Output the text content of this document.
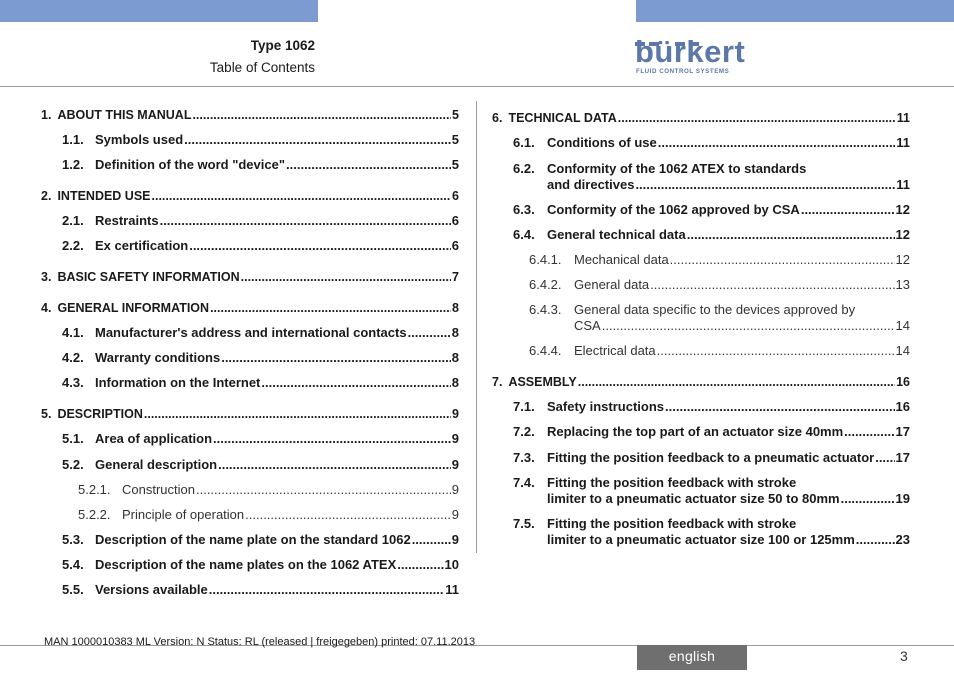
Type 1062
Table of Contents	bürkert
FLUID CONTROL SYSTEMS
1. ABOUT THIS MANUAL .....	5
1.1. Symbols used .....	5
1.2. Definition of the word "device" .....	5
2. INTENDED USE .....	6
2.1. Restraints .....	6
2.2. Ex certification .....	6
3. BASIC SAFETY INFORMATION .....	7
4. GENERAL INFORMATION .....	8
4.1. Manufacturer's address and international contacts .....	8
4.2. Warranty conditions .....	8
4.3. Information on the Internet .....	8
5. DESCRIPTION .....	9
5.1. Area of application .....	9
5.2. General description .....	9
5.2.1. Construction .....	9
5.2.2. Principle of operation .....	9
5.3. Description of the name plate on the standard 1062 .....	9
5.4. Description of the name plates on the 1062 ATEX .....	10
5.5. Versions available .....	11
6. TECHNICAL DATA .....	11
6.1. Conditions of use .....	11
6.2. Conformity of the 1062 ATEX to standards
and directives .....	11
6.3. Conformity of the 1062 approved by CSA .....	12
6.4. General technical data .....	12
6.4.1. Mechanical data .....	12
6.4.2. General data .....	13
6.4.3. General data specific to the devices approved by
CSA .....	14
6.4.4. Electrical data .....	14
7. ASSEMBLY .....	16
7.1. Safety instructions .....	16
7.2. Replacing the top part of an actuator size 40mm .....	17
7.3. Fitting the position feedback to a pneumatic actuator ..... 17
7.4. Fitting the position feedback with stroke
limiter to a pneumatic actuator size 50 to 80mm .....	19
7.5. Fitting the position feedback with stroke
limiter to a pneumatic actuator size 100 or 125mm .....	23
MAN 1000010383 ML Version: N Status: RL (released | freigegeben) printed: 07.11.2013
english	3
